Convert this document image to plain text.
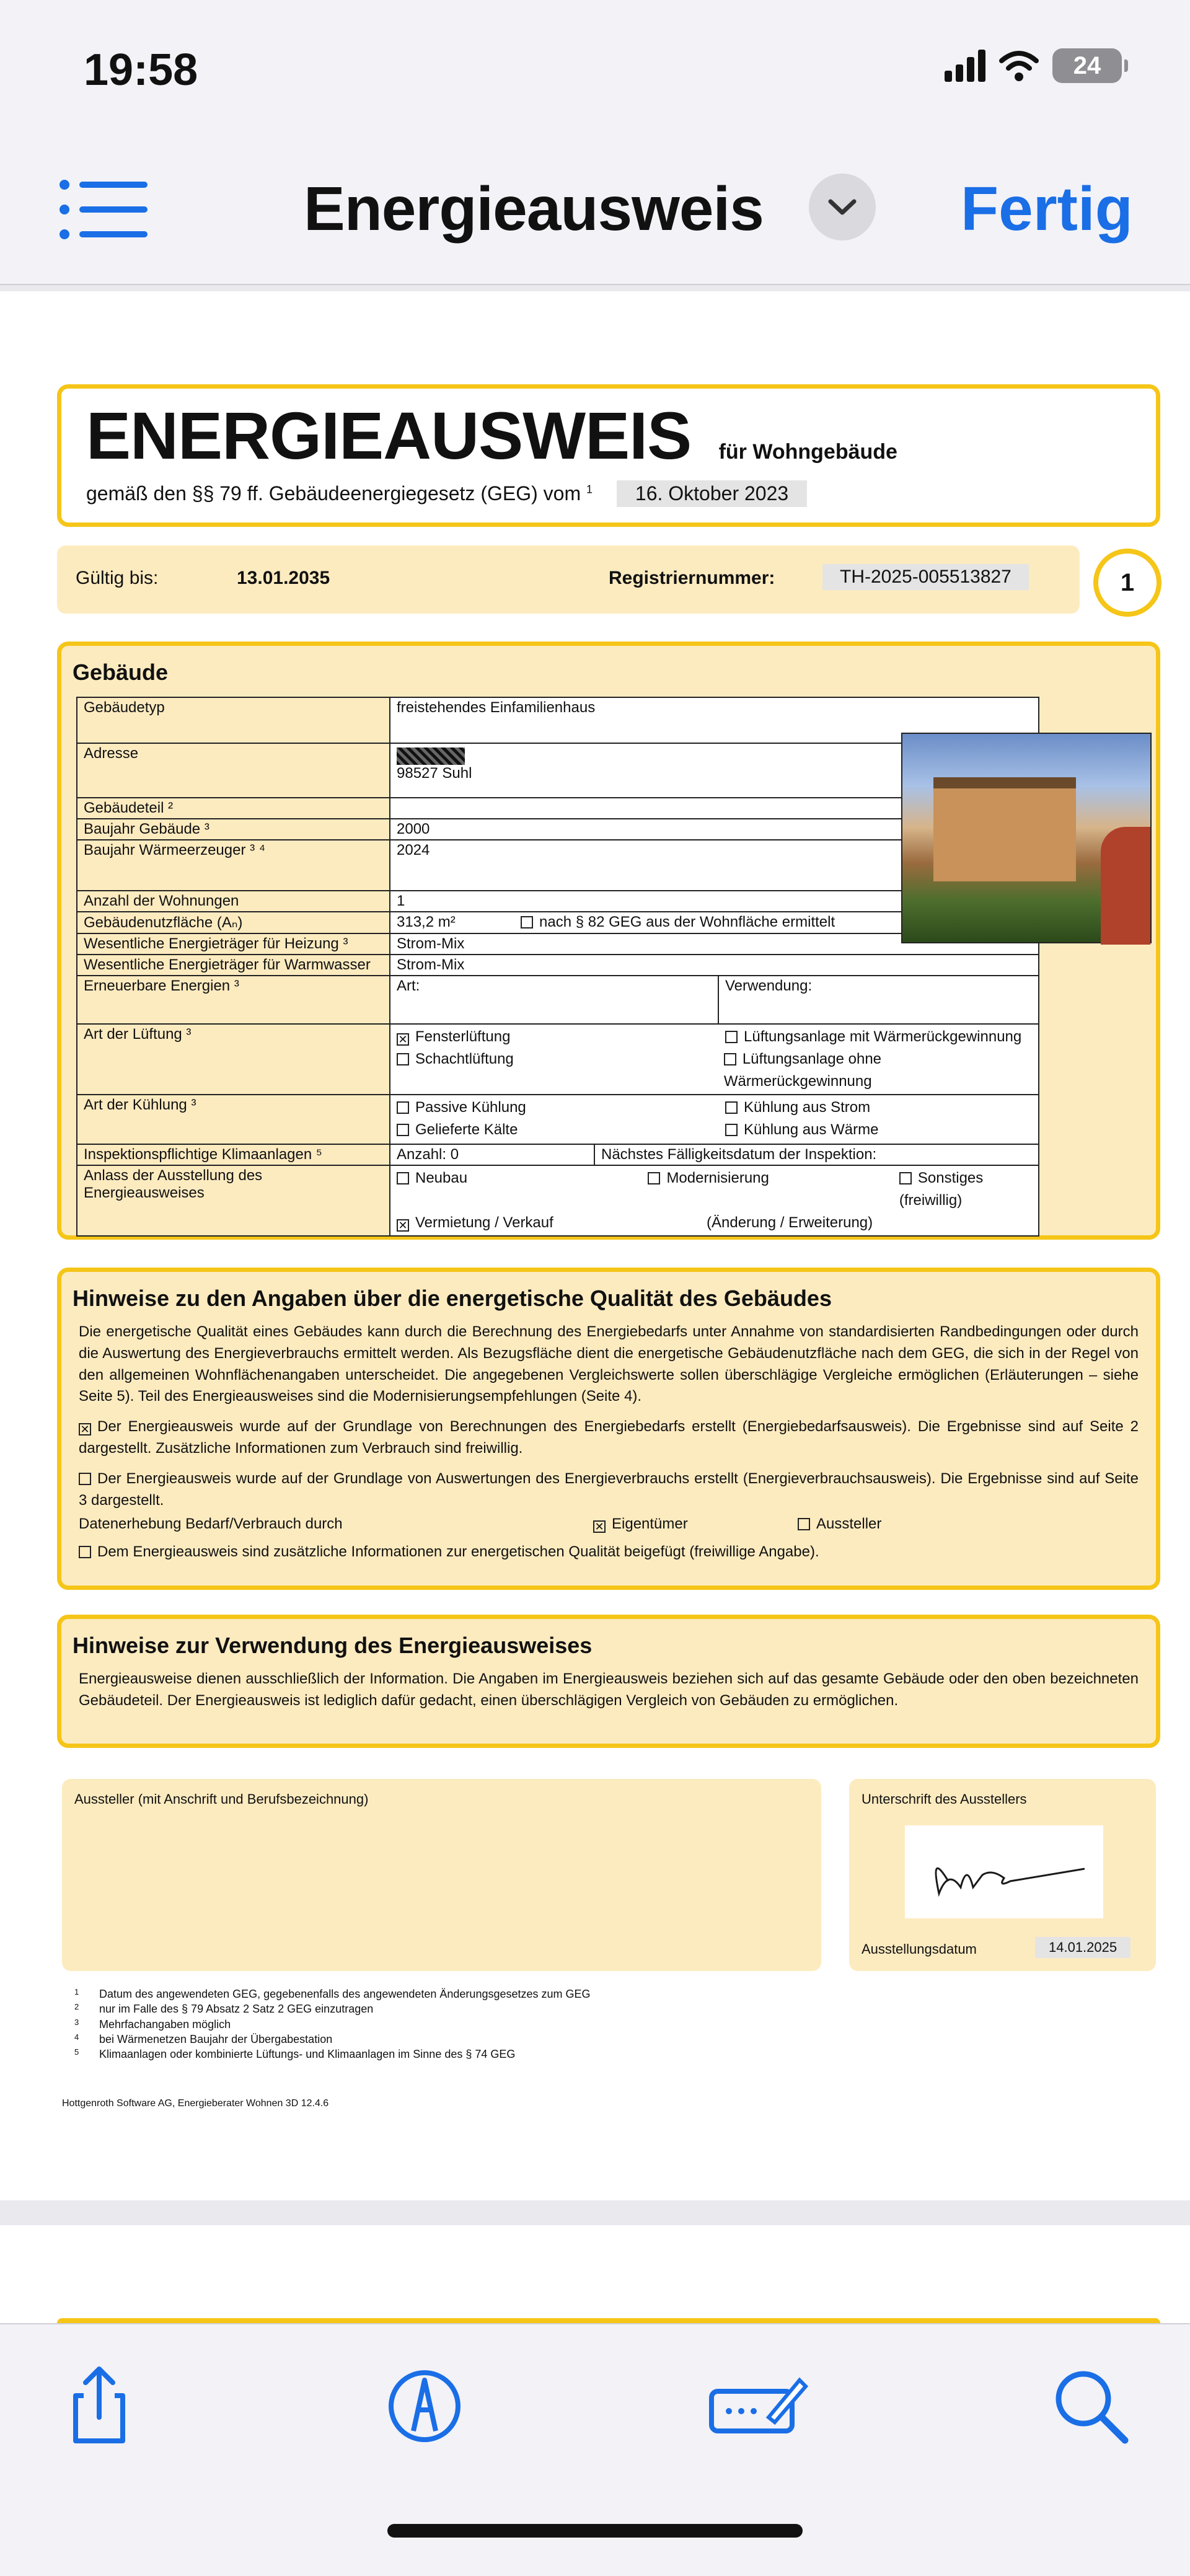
19:58	24
Energieausweis	Fertig
ENERGIEAUSWEIS für Wohngebäude
gemäß den §§ 79 ff. Gebäudeenergiegesetz (GEG) vom $^1$ 16. Oktober 2023
Gültig bis:	13.01.2035	Registriernummer:	TH-2025-005513827	1
Gebäude
Gebäudetyp	freistehendes Einfamilienhaus
Adresse	98527 Suhl

Gebäudeteil ²	
Baujahr Gebäude ³	2000
Baujahr Wärmeerzeuger ³ ⁴	2024
Anzahl der Wohnungen	1
Gebäudenutzfläche (Aₙ)	313,2 m² nach § 82 GEG aus der Wohnfläche ermittelt
Wesentliche Energieträger für Heizung ³	Strom-Mix
Wesentliche Energieträger für Warmwasser	Strom-Mix
Erneuerbare Energien ³	Art: Verwendung:

Art der Lüftung ³	✕ Fensterlüftung Lüftungsanlage mit Wärmerückgewinnung
Schachtlüftung Lüftungsanlage ohne Wärmerückgewinnung

Art der Kühlung ³	Passive Kühlung Kühlung aus Strom
Gelieferte Kälte Kühlung aus Wärme

Inspektionspflichtige Klimaanlagen ⁵	Anzahl: 0 Nächstes Fälligkeitsdatum der Inspektion:

Anlass der Ausstellung des Energieausweises	Neubau Modernisierung Sonstiges (freiwillig)
✕ Vermietung / Verkauf (Änderung / Erweiterung)
Hinweise zu den Angaben über die energetische Qualität des Gebäudes

Die energetische Qualität eines Gebäudes kann durch die Berechnung des Energiebedarfs unter Annahme von standardisierten Randbedingungen oder durch die Auswertung des Energieverbrauchs ermittelt werden. Als Bezugsfläche dient die energetische Gebäudenutzfläche nach dem GEG, die sich in der Regel von den allgemeinen Wohnflächenangaben unterscheidet. Die angegebenen Vergleichswerte sollen überschlägige Vergleiche ermöglichen (Erläuterungen – siehe Seite 5). Teil des Energieausweises sind die Modernisierungsempfehlungen (Seite 4).

✕ Der Energieausweis wurde auf der Grundlage von Berechnungen des Energiebedarfs erstellt (Energiebedarfsausweis). Die Ergebnisse sind auf Seite 2 dargestellt. Zusätzliche Informationen zum Verbrauch sind freiwillig.

Der Energieausweis wurde auf der Grundlage von Auswertungen des Energieverbrauchs erstellt (Energieverbrauchsausweis). Die Ergebnisse sind auf Seite 3 dargestellt.

Datenerhebung Bedarf/Verbrauch durch	✕ Eigentümer	Aussteller

Dem Energieausweis sind zusätzliche Informationen zur energetischen Qualität beigefügt (freiwillige Angabe).

Hinweise zur Verwendung des Energieausweises
Energieausweise dienen ausschließlich der Information. Die Angaben im Energieausweis beziehen sich auf das gesamte Gebäude oder den oben bezeichneten Gebäudeteil. Der Energieausweis ist lediglich dafür gedacht, einen überschlägigen Vergleich von Gebäuden zu ermöglichen.
Aussteller (mit Anschrift und Berufsbezeichnung)	Unterschrift des Ausstellers
Ausstellungsdatum	14.01.2025
1 Datum des angewendeten GEG, gegebenenfalls des angewendeten Änderungsgesetzes zum GEG
2 nur im Falle des § 79 Absatz 2 Satz 2 GEG einzutragen
3 Mehrfachangaben möglich
4 bei Wärmenetzen Baujahr der Übergabestation
5 Klimaanlagen oder kombinierte Lüftungs- und Klimaanlagen im Sinne des § 74 GEG
Hottgenroth Software AG, Energieberater Wohnen 3D 12.4.6
